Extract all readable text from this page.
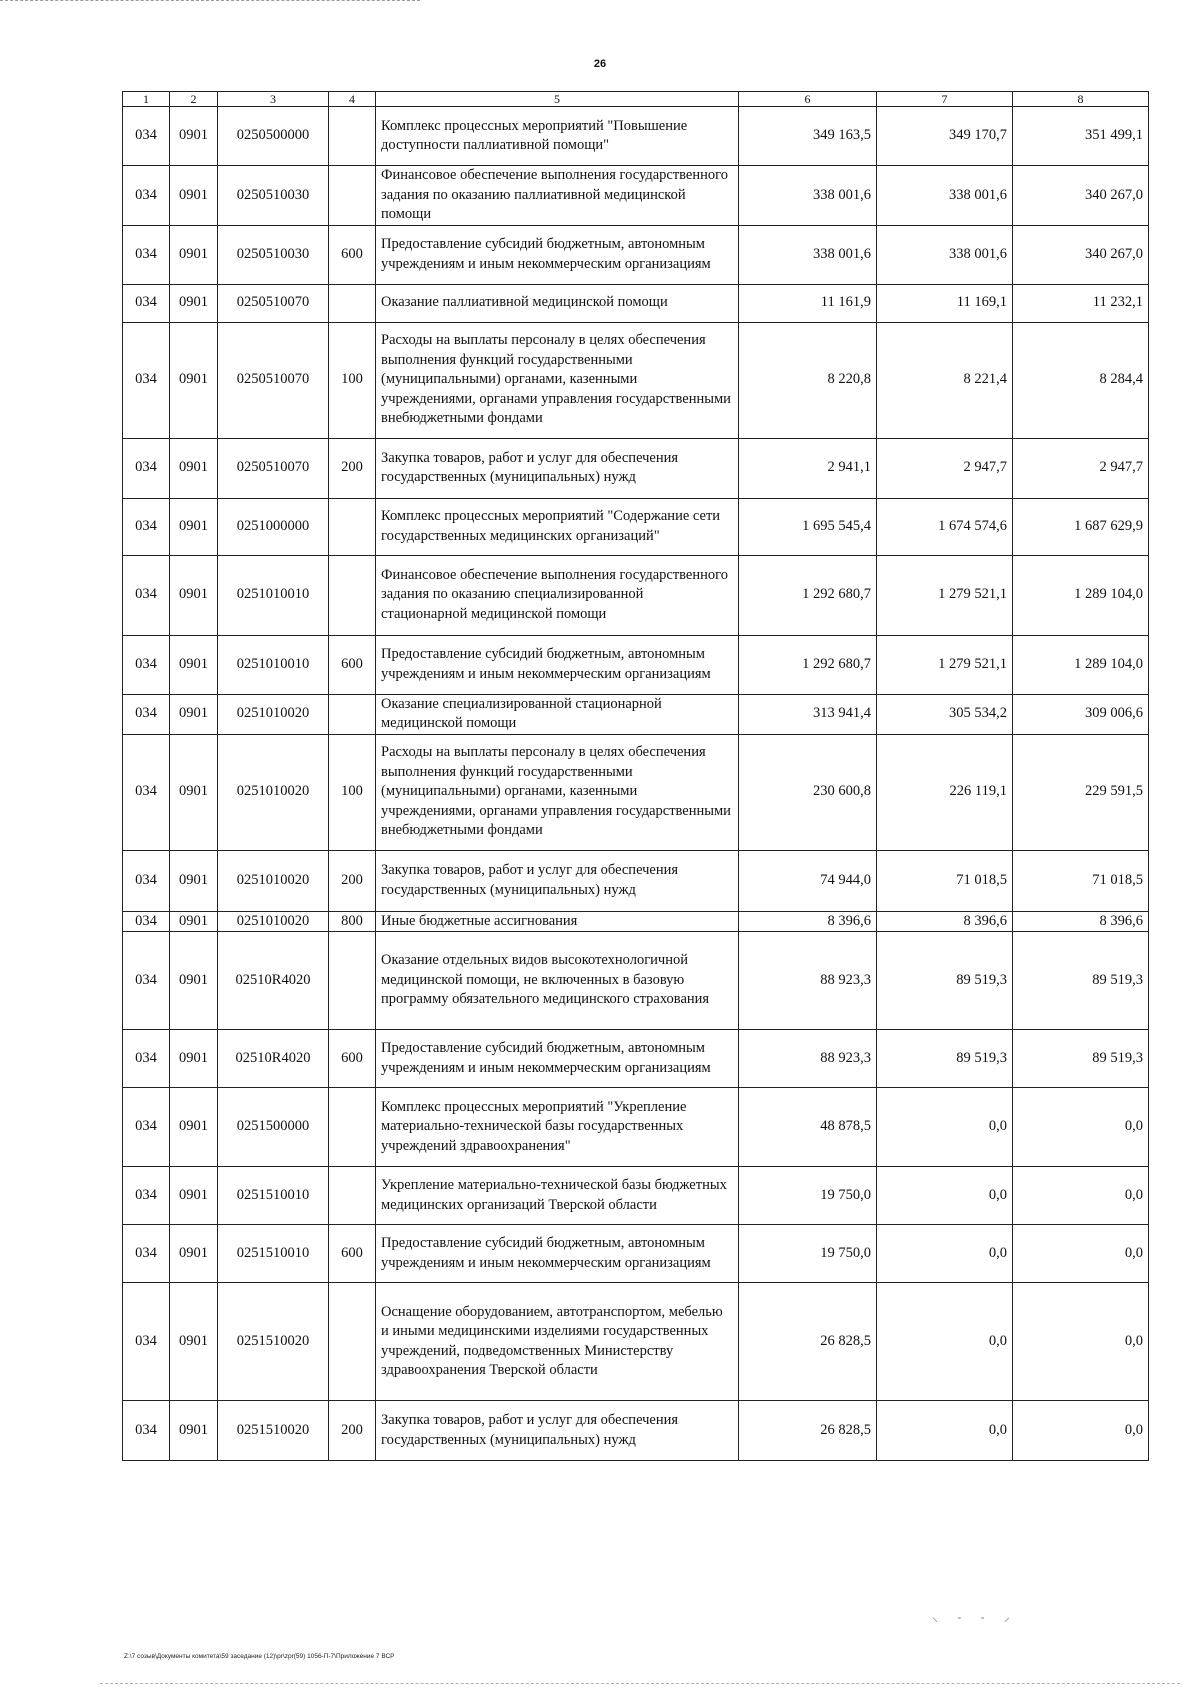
26
1	2	3	4	5	6	7	8
034	0901	0250500000		Комплекс процессных мероприятий "Повышение доступности паллиативной помощи"	349 163,5	349 170,7	351 499,1
034	0901	0250510030		Финансовое обеспечение выполнения государственного задания по оказанию паллиативной медицинской помощи	338 001,6	338 001,6	340 267,0
034	0901	0250510030	600	Предоставление субсидий бюджетным, автономным учреждениям и иным некоммерческим организациям	338 001,6	338 001,6	340 267,0
034	0901	0250510070		Оказание паллиативной медицинской помощи	11 161,9	11 169,1	11 232,1
034	0901	0250510070	100	Расходы на выплаты персоналу в целях обеспечения выполнения функций государственными (муниципальными) органами, казенными учреждениями, органами управления государственными внебюджетными фондами	8 220,8	8 221,4	8 284,4
034	0901	0250510070	200	Закупка товаров, работ и услуг для обеспечения государственных (муниципальных) нужд	2 941,1	2 947,7	2 947,7
034	0901	0251000000		Комплекс процессных мероприятий "Содержание сети государственных медицинских организаций"	1 695 545,4	1 674 574,6	1 687 629,9
034	0901	0251010010		Финансовое обеспечение выполнения государственного задания по оказанию специализированной стационарной медицинской помощи	1 292 680,7	1 279 521,1	1 289 104,0
034	0901	0251010010	600	Предоставление субсидий бюджетным, автономным учреждениям и иным некоммерческим организациям	1 292 680,7	1 279 521,1	1 289 104,0
034	0901	0251010020		Оказание специализированной стационарной медицинской помощи	313 941,4	305 534,2	309 006,6
034	0901	0251010020	100	Расходы на выплаты персоналу в целях обеспечения выполнения функций государственными (муниципальными) органами, казенными учреждениями, органами управления государственными внебюджетными фондами	230 600,8	226 119,1	229 591,5
034	0901	0251010020	200	Закупка товаров, работ и услуг для обеспечения государственных (муниципальных) нужд	74 944,0	71 018,5	71 018,5
034	0901	0251010020	800	Иные бюджетные ассигнования	8 396,6	8 396,6	8 396,6
034	0901	02510R4020		Оказание отдельных видов высокотехнологичной медицинской помощи, не включенных в базовую программу обязательного медицинского страхования	88 923,3	89 519,3	89 519,3
034	0901	02510R4020	600	Предоставление субсидий бюджетным, автономным учреждениям и иным некоммерческим организациям	88 923,3	89 519,3	89 519,3
034	0901	0251500000		Комплекс процессных мероприятий "Укрепление материально-технической базы государственных учреждений здравоохранения"	48 878,5	0,0	0,0
034	0901	0251510010		Укрепление материально-технической базы бюджетных медицинских организаций Тверской области	19 750,0	0,0	0,0
034	0901	0251510010	600	Предоставление субсидий бюджетным, автономным учреждениям и иным некоммерческим организациям	19 750,0	0,0	0,0
034	0901	0251510020		Оснащение оборудованием, автотранспортом, мебелью и иными медицинскими изделиями государственных учреждений, подведомственных Министерству здравоохранения Тверской области	26 828,5	0,0	0,0
034	0901	0251510020	200	Закупка товаров, работ и услуг для обеспечения государственных (муниципальных) нужд	26 828,5	0,0	0,0
⸜ ‐ ‐ ⸝
Z:\7 созыв\Документы комитета\59 заседание (12)\pr\zpr(59) 1056-П-7\Приложение 7 ВСР
